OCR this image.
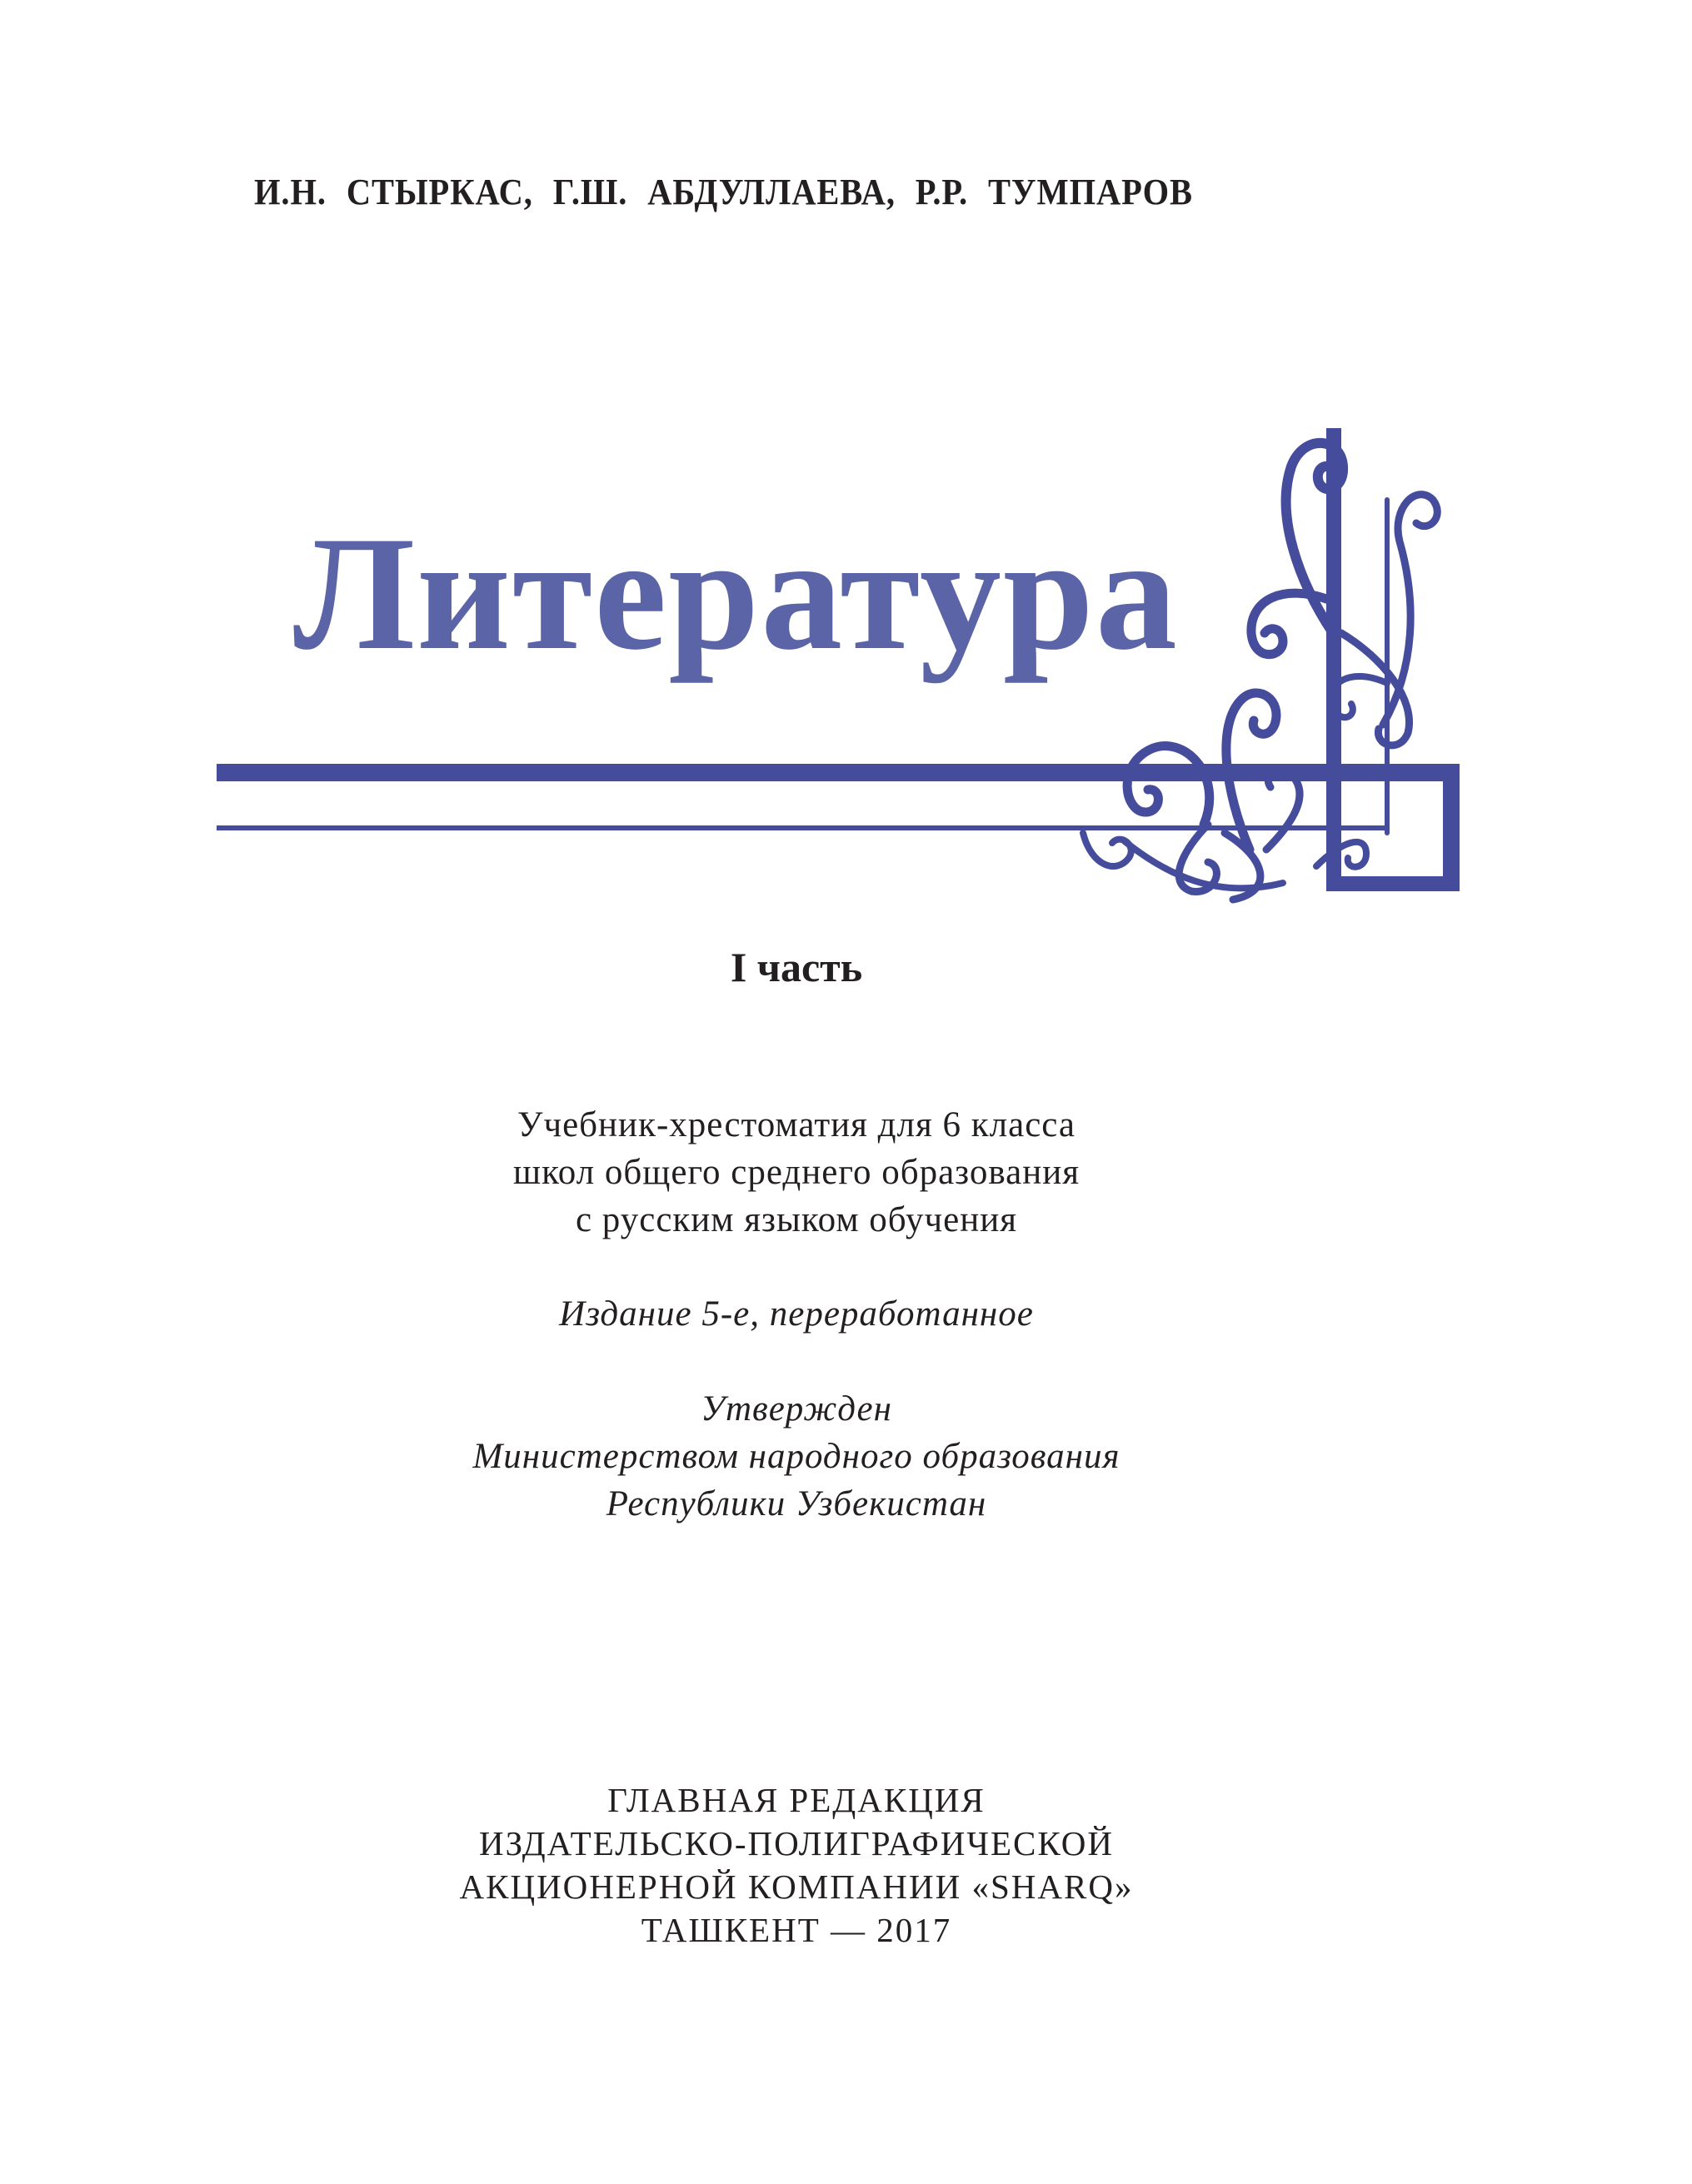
И.Н. СТЫРКАС, Г.Ш. АБДУЛЛАЕВА, Р.Р. ТУМПАРОВ
Литература
I часть
Учебник-хрестоматия для 6 класса
школ общего среднего образования
с русским языком обучения
Издание 5-е, переработанное
Утвержден
Министерством народного образования
Республики Узбекистан
ГЛАВНАЯ РЕДАКЦИЯ
ИЗДАТЕЛЬСКО-ПОЛИГРАФИЧЕСКОЙ
АКЦИОНЕРНОЙ КОМПАНИИ «SHARQ»
ТАШКЕНТ — 2017
